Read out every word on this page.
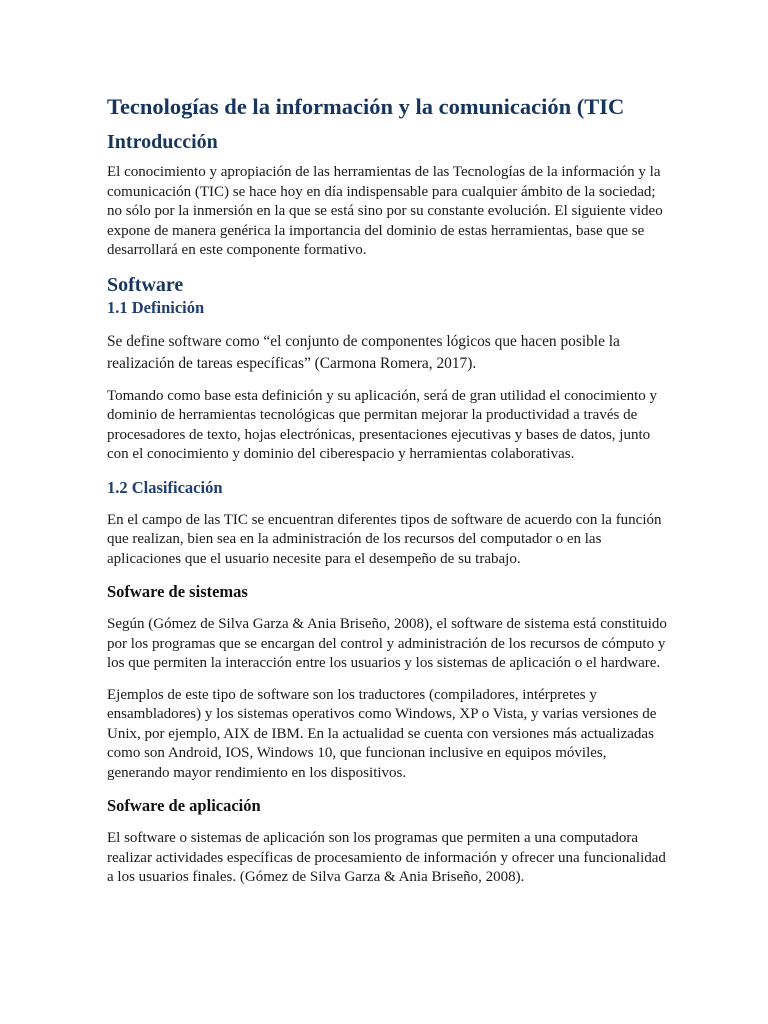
Tecnologías de la información y la comunicación (TIC
Introducción

El conocimiento y apropiación de las herramientas de las Tecnologías de la información y la comunicación (TIC) se hace hoy en día indispensable para cualquier ámbito de la sociedad; no sólo por la inmersión en la que se está sino por su constante evolución. El siguiente video expone de manera genérica la importancia del dominio de estas herramientas, base que se desarrollará en este componente formativo.

Software
1.1 Definición

Se define software como “el conjunto de componentes lógicos que hacen posible la realización de tareas específicas” (Carmona Romera, 2017).

Tomando como base esta definición y su aplicación, será de gran utilidad el conocimiento y dominio de herramientas tecnológicas que permitan mejorar la productividad a través de procesadores de texto, hojas electrónicas, presentaciones ejecutivas y bases de datos, junto con el conocimiento y dominio del ciberespacio y herramientas colaborativas.

1.2 Clasificación

En el campo de las TIC se encuentran diferentes tipos de software de acuerdo con la función que realizan, bien sea en la administración de los recursos del computador o en las aplicaciones que el usuario necesite para el desempeño de su trabajo.

Sofware de sistemas

Según (Gómez de Silva Garza & Ania Briseño, 2008), el software de sistema está constituido por los programas que se encargan del control y administración de los recursos de cómputo y los que permiten la interacción entre los usuarios y los sistemas de aplicación o el hardware.

Ejemplos de este tipo de software son los traductores (compiladores, intérpretes y ensambladores) y los sistemas operativos como Windows, XP o Vista, y varias versiones de Unix, por ejemplo, AIX de IBM. En la actualidad se cuenta con versiones más actualizadas como son Android, IOS, Windows 10, que funcionan inclusive en equipos móviles, generando mayor rendimiento en los dispositivos.

Sofware de aplicación

El software o sistemas de aplicación son los programas que permiten a una computadora realizar actividades específicas de procesamiento de información y ofrecer una funcionalidad a los usuarios finales. (Gómez de Silva Garza & Ania Briseño, 2008).
